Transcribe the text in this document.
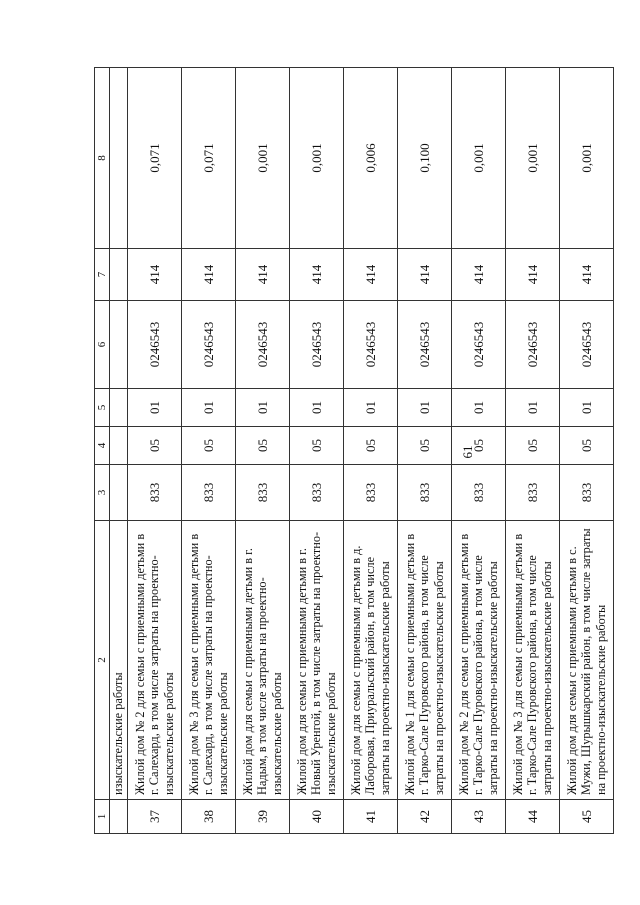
61
1	2	3	4	5	6	7	8
	изыскательские работы						
37	Жилой дом № 2 для семьи с приемными детьми в г. Салехард, в том числе затраты на проектно-изыскательские работы	833	05	01	0246543	414	0,071
38	Жилой дом № 3 для семьи с приемными детьми в г. Салехард, в том числе затраты на проектно-изыскательские работы	833	05	01	0246543	414	0,071
39	Жилой дом для семьи с приемными детьми в г. Надым, в том числе затраты на проектно-изыскательские работы	833	05	01	0246543	414	0,001
40	Жилой дом для семьи с приемными детьми в г. Новый Уренгой, в том числе затраты на проектно-изыскательские работы	833	05	01	0246543	414	0,001
41	Жилой дом для семьи с приемными детьми в д. Лаборовая, Приуральский район, в том числе затраты на проектно-изыскательские работы	833	05	01	0246543	414	0,006
42	Жилой дом № 1 для семьи с приемными детьми в г. Тарко-Сале Пуровского района, в том числе затраты на проектно-изыскательские работы	833	05	01	0246543	414	0,100
43	Жилой дом № 2 для семьи с приемными детьми в г. Тарко-Сале Пуровского района, в том числе затраты на проектно-изыскательские работы	833	05	01	0246543	414	0,001
44	Жилой дом № 3 для семьи с приемными детьми в г. Тарко-Сале Пуровского района, в том числе затраты на проектно-изыскательские работы	833	05	01	0246543	414	0,001
45	Жилой дом для семьи с приемными детьми в с. Мужи, Шурышкарский район, в том числе затраты на проектно-изыскательские работы	833	05	01	0246543	414	0,001
